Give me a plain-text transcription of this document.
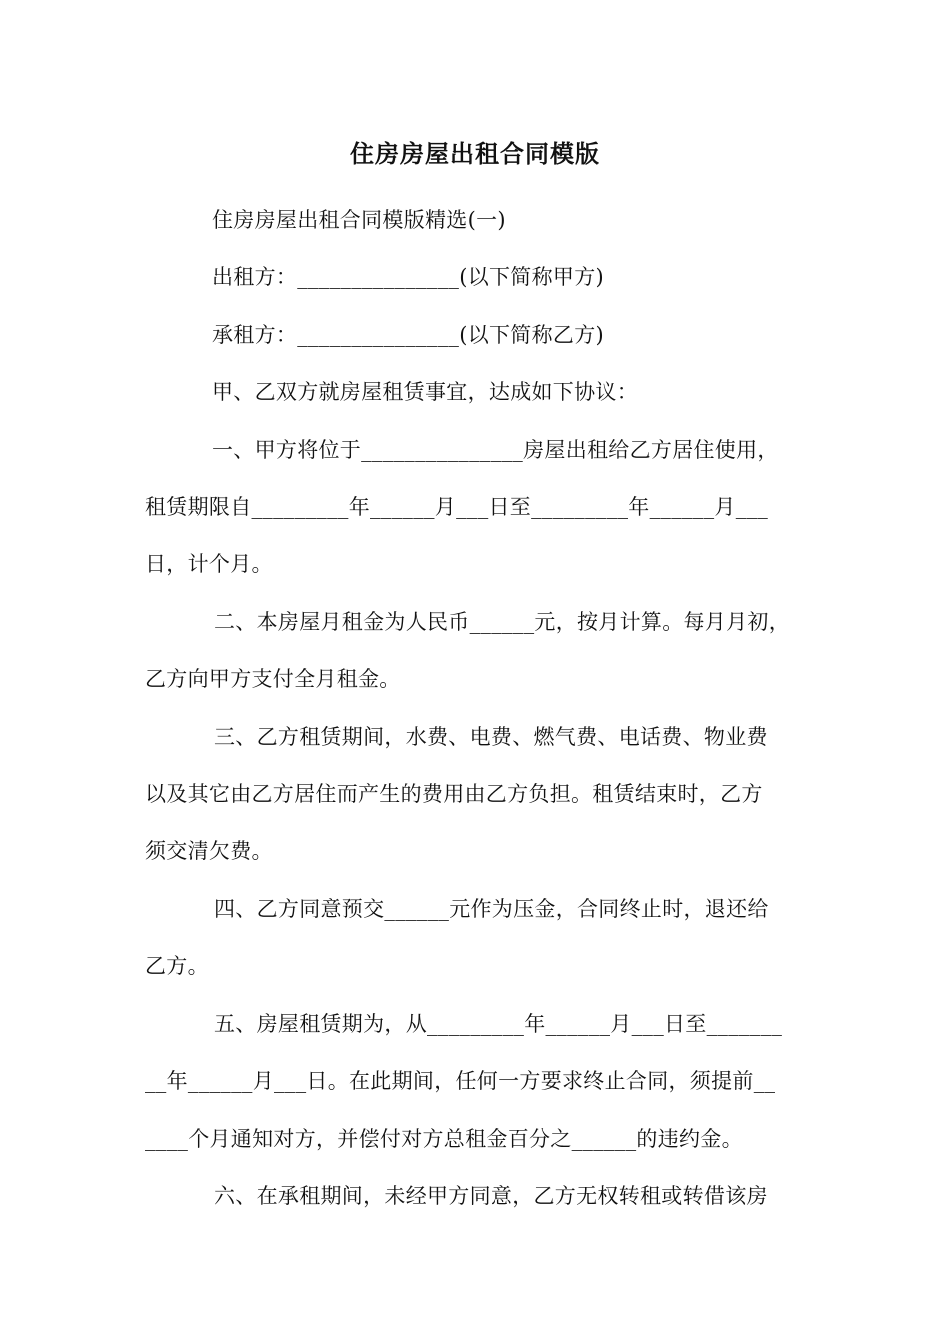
住房房屋出租合同模版
住房房屋出租合同模版精选(一)
出租方：_______________(以下简称甲方)
承租方：_______________(以下简称乙方)
甲、乙双方就房屋租赁事宜，达成如下协议：
一、甲方将位于_______________房屋出租给乙方居住使用，
租赁期限自_________年______月___日至_________年______月___
日，计个月。
二、本房屋月租金为人民币______元，按月计算。每月月初，
乙方向甲方支付全月租金。
三、乙方租赁期间，水费、电费、燃气费、电话费、物业费
以及其它由乙方居住而产生的费用由乙方负担。租赁结束时，乙方
须交清欠费。
四、乙方同意预交______元作为压金，合同终止时，退还给
乙方。
五、房屋租赁期为，从_________年______月___日至_______
__年______月___日。在此期间，任何一方要求终止合同，须提前__
____个月通知对方，并偿付对方总租金百分之______的违约金。
六、在承租期间，未经甲方同意，乙方无权转租或转借该房
